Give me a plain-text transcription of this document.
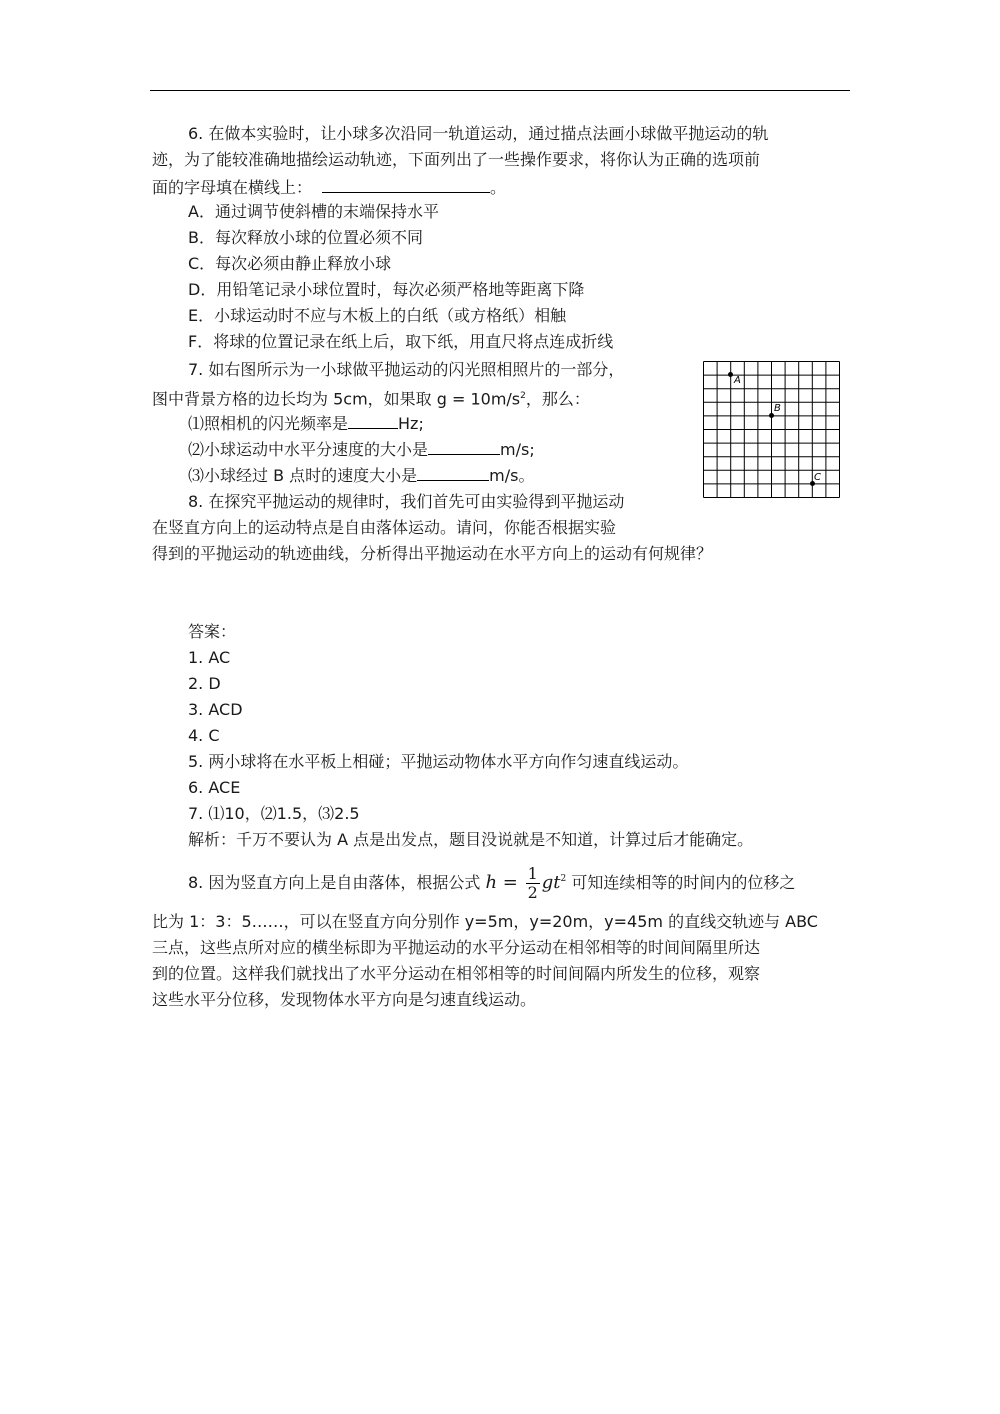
6. 在做本实验时，让小球多次沿同一轨道运动，通过描点法画小球做平抛运动的轨
迹，为了能较准确地描绘运动轨迹，下面列出了一些操作要求，将你认为正确的选项前
面的字母填在横线上：	。
A．通过调节使斜槽的末端保持水平
B．每次释放小球的位置必须不同
C．每次必须由静止释放小球
D．用铅笔记录小球位置时，每次必须严格地等距离下降
E．小球运动时不应与木板上的白纸（或方格纸）相触
F．将球的位置记录在纸上后，取下纸，用直尺将点连成折线
7. 如右图所示为一小球做平抛运动的闪光照相照片的一部分，
图中背景方格的边长均为 5cm，如果取 $g = 10m/s^2$，那么：
⑴照相机的闪光频率是	Hz;
⑵小球运动中水平分速度的大小是	m/s;
⑶小球经过 B 点时的速度大小是	m/s。
A
B
C
8. 在探究平抛运动的规律时，我们首先可由实验得到平抛运动
在竖直方向上的运动特点是自由落体运动。请问，你能否根据实验
得到的平抛运动的轨迹曲线，分析得出平抛运动在水平方向上的运动有何规律？
答案：
1. AC
2. D
3. ACD
4. C
5. 两小球将在水平板上相碰；平抛运动物体水平方向作匀速直线运动。
6. ACE
7. ⑴10，⑵1.5，⑶2.5
解析：千万不要认为 A 点是出发点，题目没说就是不知道，计算过后才能确定。
8. 因为竖直方向上是自由落体，根据公式 $h = \frac{1}{2} gt^2$ 可知连续相等的时间内的位移之
比为 1：3：5……，可以在竖直方向分别作 y=5m，y=20m，y=45m 的直线交轨迹与 ABC
三点，这些点所对应的横坐标即为平抛运动的水平分运动在相邻相等的时间间隔里所达
到的位置。这样我们就找出了水平分运动在相邻相等的时间间隔内所发生的位移，观察
这些水平分位移，发现物体水平方向是匀速直线运动。
